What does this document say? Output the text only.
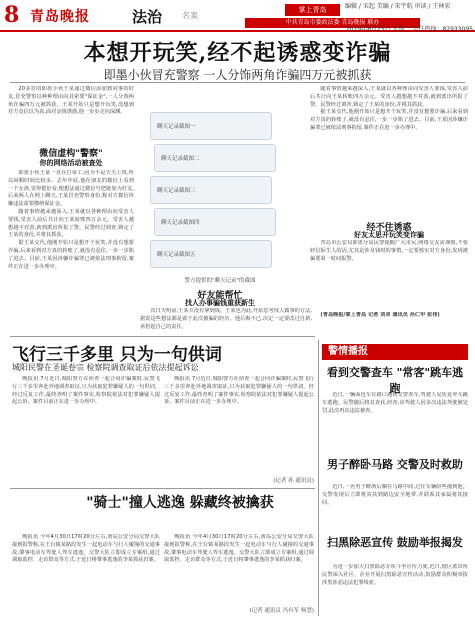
8 青岛晚报	法治 名案
掌上青岛	编辑 / 宋起 美编 / 宋宇航 审读 / 王林宏
中共青岛市委政法委 青岛晚报 联办
2019年6月25日 星期二 责任热线：82933095
本想开玩笑,经不起诱惑变诈骗
即墨小伙冒充警察 一人分饰两角诈骗四万元被抓获

20多岁的即墨小伙王某通过微信添加到同事的好友,冒充警察以种种理由向其索要"保证金",一人分饰两角诈骗四万元被抓获。王某开始只是想开玩笑,没想到对方竟信以为真,面对金钱诱惑,他一步步走向深渊。

微信虚构"警察"
你的网络活动被查处

即墨小伙王某一直在打零工,因为不是天天上班,所以闲暇时间比较多。去年年底,他在朋友的微信上看到一个女孩,觉得挺好看,便想法通过微信号把她加为好友,后来两人在网上聊天,王某冒充警察身份,称对方微信涉嫌违法需要缴纳保证金。

随着事情越来越深入,王某就以各种理由向受害人要钱,受害人前后共计向王某转账四万余元。受害人越想越不对劲,就到派出所报了警。民警经过调查,锁定了王某的身份,并将其抓获。

据王某交代,他刚开始只是想开个玩笑,并没有想要诈骗,后来看到对方真的转账了,就没有忍住,一步一步陷了进去。目前,王某因涉嫌诈骗罪已被依法刑事拘留,案件正在进一步办理中。

聊天记录截图一
聊天记录截图二
聊天记录截图三
聊天记录截图四
聊天记录截图五
警方提供的"聊天记录"的截图
好友能帮忙
找人办事骗钱重获新生

次日天明前,王某并没有拿到钱。王某也为此,开始思考找人做事的方法,据说这些想法都是源于此次被骗的经历。他后悔不已,决定一定要改过自新,承担起自己的责任。

随着事情越来越深入,王某就以各种理由向受害人要钱,受害人前后共计向王某转账四万余元。受害人越想越不对劲,就到派出所报了警。民警经过调查,锁定了王某的身份,并将其抓获。

据王某交代,他刚开始只是想开个玩笑,并没有想要诈骗,后来看到对方真的转账了,就没有忍住,一步一步陷了进去。目前,王某因涉嫌诈骗罪已被依法刑事拘留,案件正在进一步办理中。

经不住诱惑
好友太思开玩笑变诈骗

青岛市公安局即墨分局民警提醒广大市民,网络交友需谨慎,不要轻信陌生人的话,尤其是涉及钱财的事情,一定要核实对方身份,发现被骗要第一时间报警。

(青岛晚报/掌上青岛 记者 刘卓 通讯员 孙仁甲 张伟)

飞行三千多里 只为一句供词
城阳民警在圣诞卷宗 检察院调查取证后依法提起诉讼

晚报讯 7月近日,城阳警方在侦查一起合同诈骗案时,民警飞行三千多里奔赴外地调查取证,只为获取犯罪嫌疑人的一句供词。经过反复工作,最终查明了案件事实,检察院依法对犯罪嫌疑人提起公诉。案件目前正在进一步办理中。

晚报讯 7月近日,城阳警方在侦查一起合同诈骗案时,民警飞行三千多里奔赴外地调查取证,只为获取犯罪嫌疑人的一句供词。经过反复工作,最终查明了案件事实,检察院依法对犯罪嫌疑人提起公诉。案件目前正在进一步办理中。

(记者 孙 通讯员)
"骑士"撞人逃逸 躲藏终被擒获

晚报讯 今年4月30日17时20分左右,黄岛公安分局交警大队接到报警称,在王台镇某路段发生一起电动车与行人碰撞的交通事故,肇事电动车驾驶人驾车逃逸。交警大队立即成立专案组,通过调取监控、走访群众等方式,于近日将肇事逃逸的李某抓获归案。

晚报讯 今年4月30日17时20分左右,黄岛公安分局交警大队接到报警称,在王台镇某路段发生一起电动车与行人碰撞的交通事故,肇事电动车驾驶人驾车逃逸。交警大队立即成立专案组,通过调取监控、走访群众等方式,于近日将肇事逃逸的李某抓获归案。

(记者 通讯员 冯有军 杨慧)
警情播报
看到交警查车 "常客"跳车逃跑

近日,一辆面包车在路口遇到交警查车,驾驶人见状竟弃车跳车逃跑。民警随后将其查获,经查,该驾驶人因多次违法驾驶被处罚,此次再次违法被查。

男子醉卧马路 交警及时救助

近日,一名男子醉酒后躺在马路中间,过往车辆险些撞到他。交警发现后立即将其扶到路边安全地带,并联系其家属将其接回。

扫黑除恶宣传 鼓励举报揭发

为进一步加大扫黑除恶专项斗争宣传力度,近日,辖区派出所民警深入社区、企业开展扫黑除恶宣传活动,鼓励群众积极举报涉黑涉恶违法犯罪线索。
